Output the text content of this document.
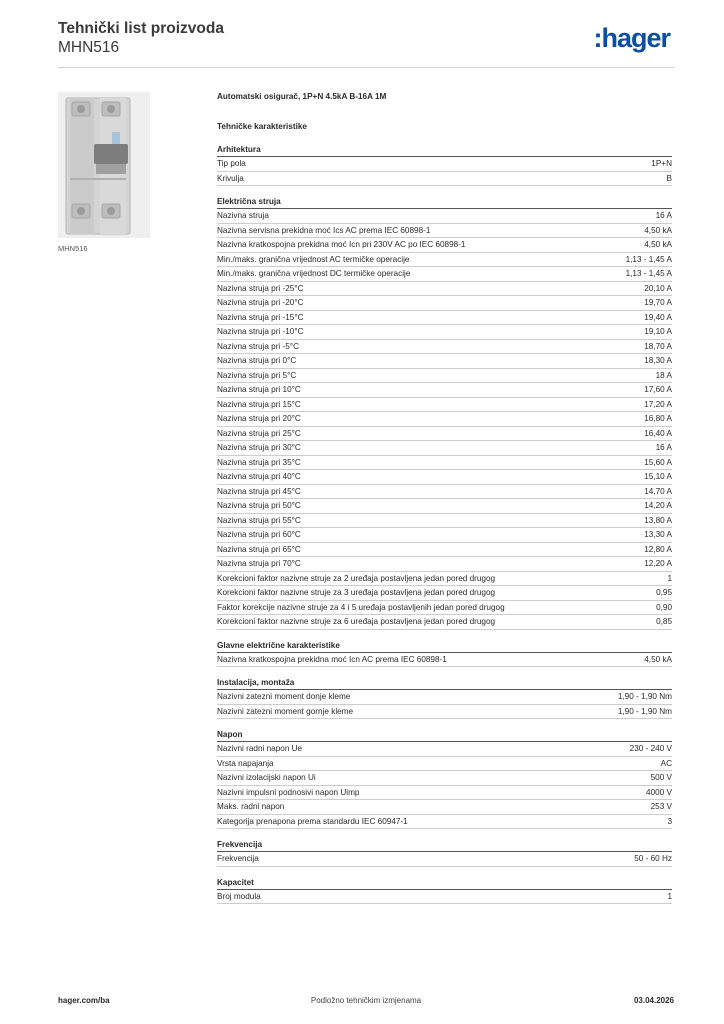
Tehnički list proizvoda
MHN516	:hager
MHN516
Automatski osigurač, 1P+N 4.5kA B-16A 1M
Tehničke karakteristike
Arhitektura
Tip pola	1P+N
Krivulja	B
Električna struja
Nazivna struja	16 A
Nazivna servisna prekidna moć Ics AC prema IEC 60898-1	4,50 kA
Nazivna kratkospojna prekidna moć Icn pri 230V AC po IEC 60898-1	4,50 kA
Min./maks. granična vrijednost AC termičke operacije	1,13 - 1,45 A
Min./maks. granična vrijednost DC termičke operacije	1,13 - 1,45 A
Nazivna struja pri -25°C	20,10 A
Nazivna struja pri -20°C	19,70 A
Nazivna struja pri -15°C	19,40 A
Nazivna struja pri -10°C	19,10 A
Nazivna struja pri -5°C	18,70 A
Nazivna struja pri 0°C	18,30 A
Nazivna struja pri 5°C	18 A
Nazivna struja pri 10°C	17,60 A
Nazivna struja pri 15°C	17,20 A
Nazivna struja pri 20°C	16,80 A
Nazivna struja pri 25°C	16,40 A
Nazivna struja pri 30°C	16 A
Nazivna struja pri 35°C	15,60 A
Nazivna struja pri 40°C	15,10 A
Nazivna struja pri 45°C	14,70 A
Nazivna struja pri 50°C	14,20 A
Nazivna struja pri 55°C	13,80 A
Nazivna struja pri 60°C	13,30 A
Nazivna struja pri 65°C	12,80 A
Nazivna struja pri 70°C	12,20 A
Korekcioni faktor nazivne struje za 2 uređaja postavljena jedan pored drugog	1
Korekcioni faktor nazivne struje za 3 uređaja postavljena jedan pored drugog	0,95
Faktor korekcije nazivne struje za 4 i 5 uređaja postavljenih jedan pored drugog	0,90
Korekcioni faktor nazivne struje za 6 uređaja postavljena jedan pored drugog	0,85
Glavne električne karakteristike
Nazivna kratkospojna prekidna moć Icn AC prema IEC 60898-1	4,50 kA
Instalacija, montaža
Nazivni zatezni moment donje kleme	1,90 - 1,90 Nm
Nazivni zatezni moment gornje kleme	1,90 - 1,90 Nm
Napon
Nazivni radni napon Ue	230 - 240 V
Vrsta napajanja	AC
Nazivni izolacijski napon Ui	500 V
Nazivni impulsni podnosivi napon Uimp	4000 V
Maks. radni napon	253 V
Kategorija prenapona prema standardu IEC 60947-1	3
Frekvencija
Frekvencija	50 - 60 Hz
Kapacitet
Broj modula	1
hager.com/ba	Podložno tehničkim izmjenama	03.04.2026
